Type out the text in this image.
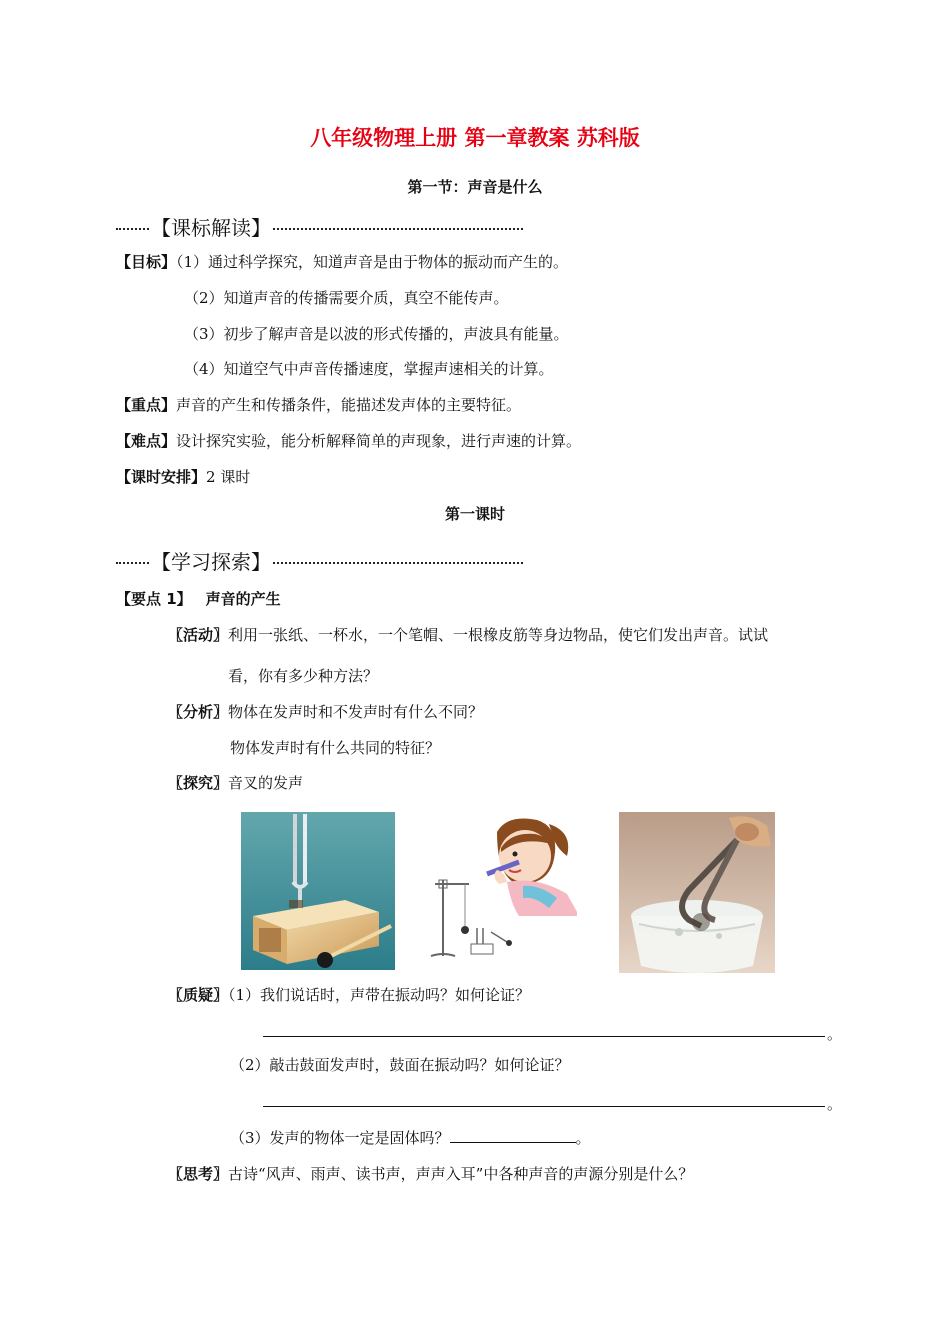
八年级物理上册 第一章教案 苏科版
第一节：声音是什么
【课标解读】
【目标】（1）通过科学探究，知道声音是由于物体的振动而产生的。
（2）知道声音的传播需要介质，真空不能传声。
（3）初步了解声音是以波的形式传播的，声波具有能量。
（4）知道空气中声音传播速度，掌握声速相关的计算。
【重点】声音的产生和传播条件，能描述发声体的主要特征。
【难点】设计探究实验，能分析解释简单的声现象，进行声速的计算。
【课时安排】2 课时
第一课时
【学习探索】
【要点 1】 声音的产生
〖活动〗利用一张纸、一杯水，一个笔帽、一根橡皮筋等身边物品，使它们发出声音。试试
看，你有多少种方法？
〖分析〗物体在发声时和不发声时有什么不同？
物体发声时有什么共同的特征？
〖探究〗音叉的发声
〖质疑〗（1）我们说话时，声带在振动吗？如何论证？
。
（2）敲击鼓面发声时，鼓面在振动吗？如何论证？
。
（3）发声的物体一定是固体吗？	。
〖思考〗古诗“风声、雨声、读书声，声声入耳”中各种声音的声源分别是什么？
